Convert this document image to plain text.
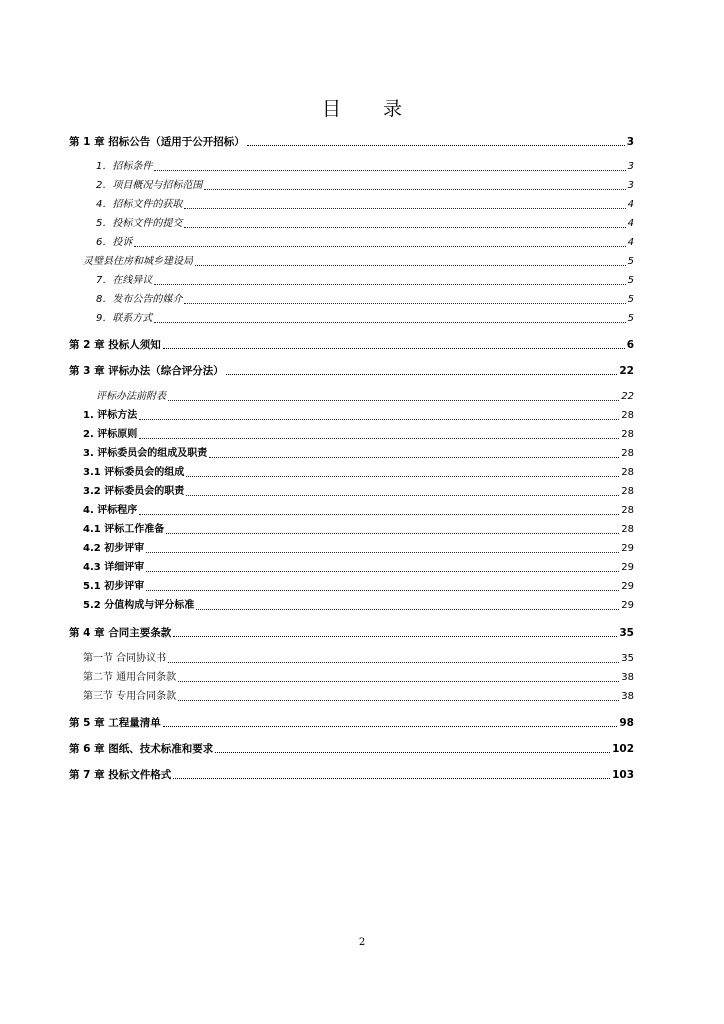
目录
第 1 章 招标公告（适用于公开招标）	3
1．招标条件	3
2．项目概况与招标范围	3
4．招标文件的获取	4
5．投标文件的提交	4
6．投诉	4
灵璧县住房和城乡建设局	5
7．在线异议	5
8．发布公告的媒介	5
9．联系方式	5
第 2 章 投标人须知	6
第 3 章 评标办法（综合评分法）	22
评标办法前附表	22
1. 评标方法	28
2. 评标原则	28
3. 评标委员会的组成及职责	28
3.1 评标委员会的组成	28
3.2 评标委员会的职责	28
4. 评标程序	28
4.1 评标工作准备	28
4.2 初步评审	29
4.3 详细评审	29
5.1 初步评审	29
5.2 分值构成与评分标准	29
第 4 章 合同主要条款	35
第一节 合同协议书	35
第二节 通用合同条款	38
第三节 专用合同条款	38
第 5 章 工程量清单	98
第 6 章 图纸、技术标准和要求	102
第 7 章 投标文件格式	103
2
